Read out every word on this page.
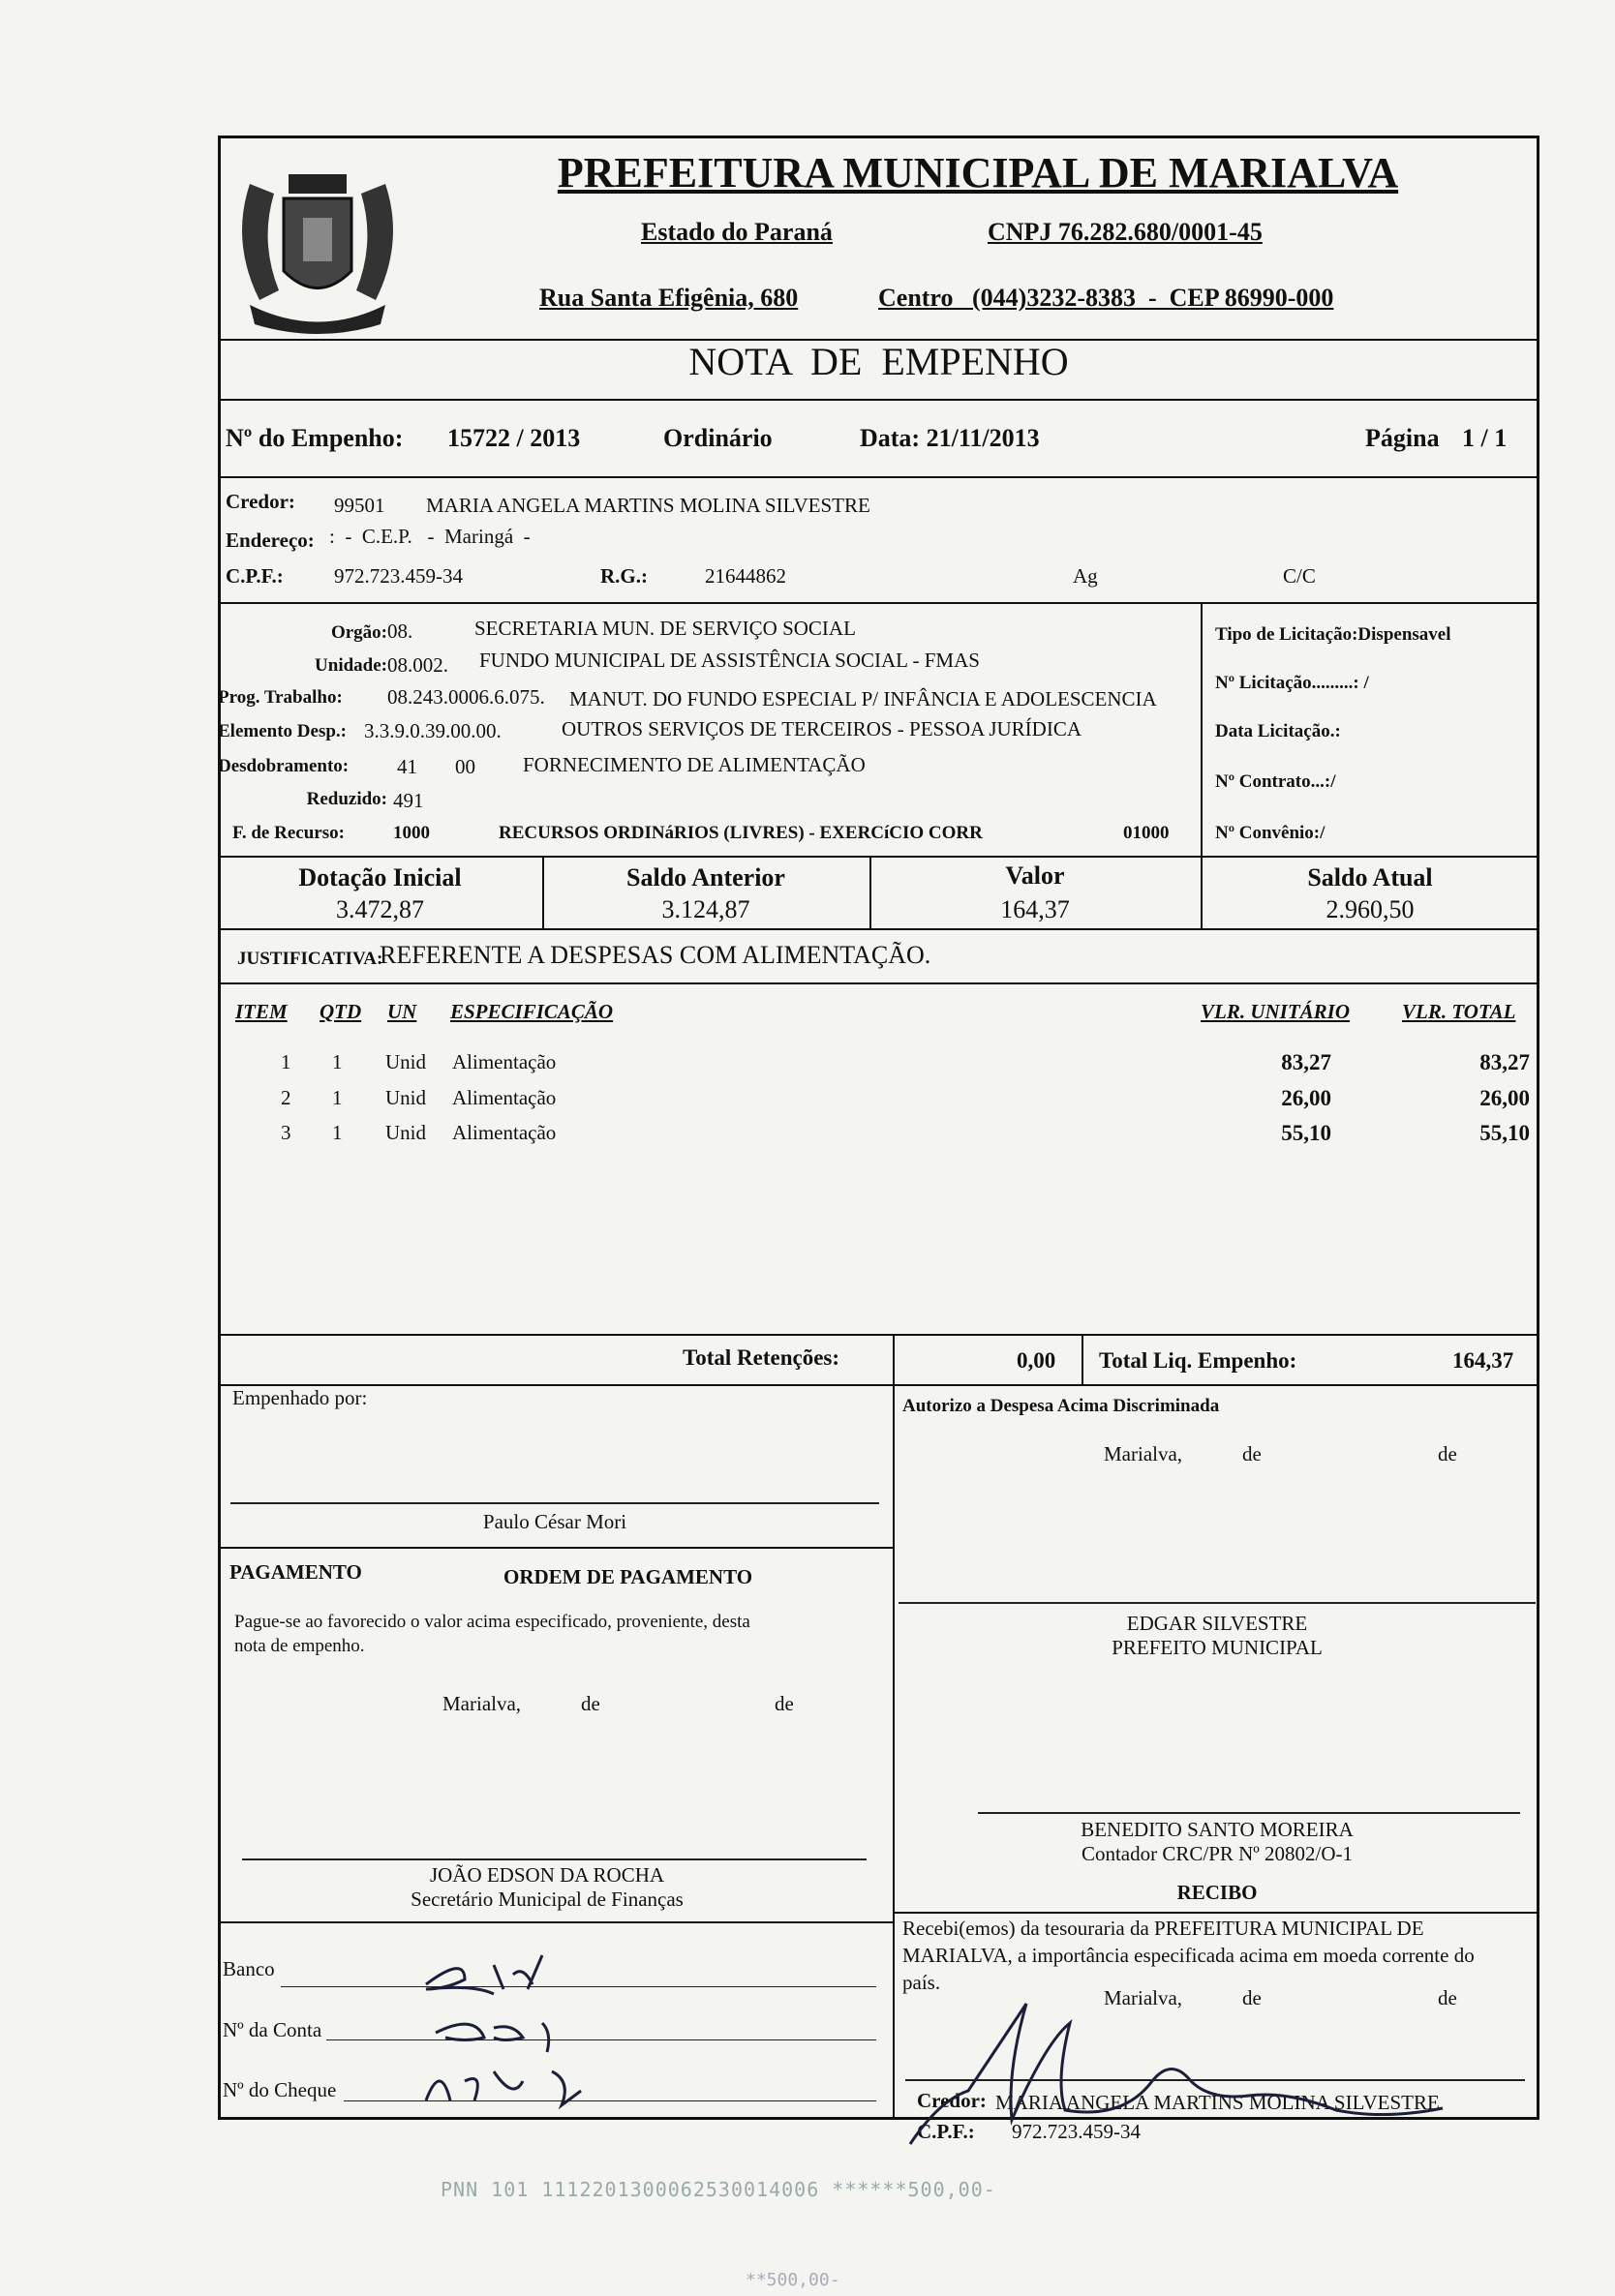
PREFEITURA MUNICIPAL DE MARIALVA
Estado do Paraná	CNPJ 76.282.680/0001-45
Rua Santa Efigênia, 680	Centro   (044)3232-8383  -  CEP 86990-000
NOTA  DE  EMPENHO
Nº do Empenho: 15722 / 2013	Ordinário	Data: 21/11/2013	Página 1 / 1
Credor: 99501 MARIA ANGELA MARTINS MOLINA SILVESTRE
Endereço: :  -  C.E.P.   -  Maringá  -
C.P.F.: 972.723.459-34	R.G.:	21644862	Ag	C/C
Orgão: 08.	SECRETARIA MUN. DE SERVIÇO SOCIAL
Unidade: 08.002. FUNDO MUNICIPAL DE ASSISTÊNCIA SOCIAL - FMAS
Prog. Trabalho: 08.243.0006.6.075. MANUT. DO FUNDO ESPECIAL P/ INFÂNCIA E ADOLESCENCIA
Elemento Desp.: 3.3.9.0.39.00.00.	OUTROS SERVIÇOS DE TERCEIROS - PESSOA JURÍDICA
Desdobramento: 41 00 FORNECIMENTO DE ALIMENTAÇÃO
Reduzido: 491
F. de Recurso:	1000	RECURSOS ORDINáRIOS (LIVRES) - EXERCíCIO CORR	01000
Tipo de Licitação:Dispensavel
Nº Licitação.........: /
Data Licitação.:
Nº Contrato...:/
Nº Convênio:/
Dotação Inicial
3.472,87
Saldo Anterior
3.124,87
Valor
164,37
Saldo Atual
2.960,50
JUSTIFICATIVA:
REFERENTE A DESPESAS COM ALIMENTAÇÃO.
ITEM QTD UN ESPECIFICAÇÃO	VLR. UNITÁRIO	VLR. TOTAL
1 1 Unid Alimentação	83,27	83,27
2 1 Unid Alimentação	26,00	26,00
3 1 Unid Alimentação	55,10	55,10
Total Retenções:	0,00 Total Liq. Empenho:	164,37
Empenhado por:
Paulo César Mori
PAGAMENTO	ORDEM DE PAGAMENTO
Pague-se ao favorecido o valor acima especificado, proveniente, desta
nota de empenho.
Marialva,	de	de
JOÃO EDSON DA ROCHA
Secretário Municipal de Finanças
Banco
Nº da Conta
Nº do Cheque
Autorizo a Despesa Acima Discriminada
Marialva,	de	de
EDGAR SILVESTRE
PREFEITO MUNICIPAL
BENEDITO SANTO MOREIRA
Contador CRC/PR Nº 20802/O-1
RECIBO
Recebi(emos) da tesouraria da PREFEITURA MUNICIPAL DE
MARIALVA, a importância especificada acima em moeda corrente do
país.
Marialva,	de	de
Credor: MARIA ANGELA MARTINS MOLINA SILVESTRE
C.P.F.: 972.723.459-34
PNN 101 1112201300062530014006 ******500,00-
**500,00-
